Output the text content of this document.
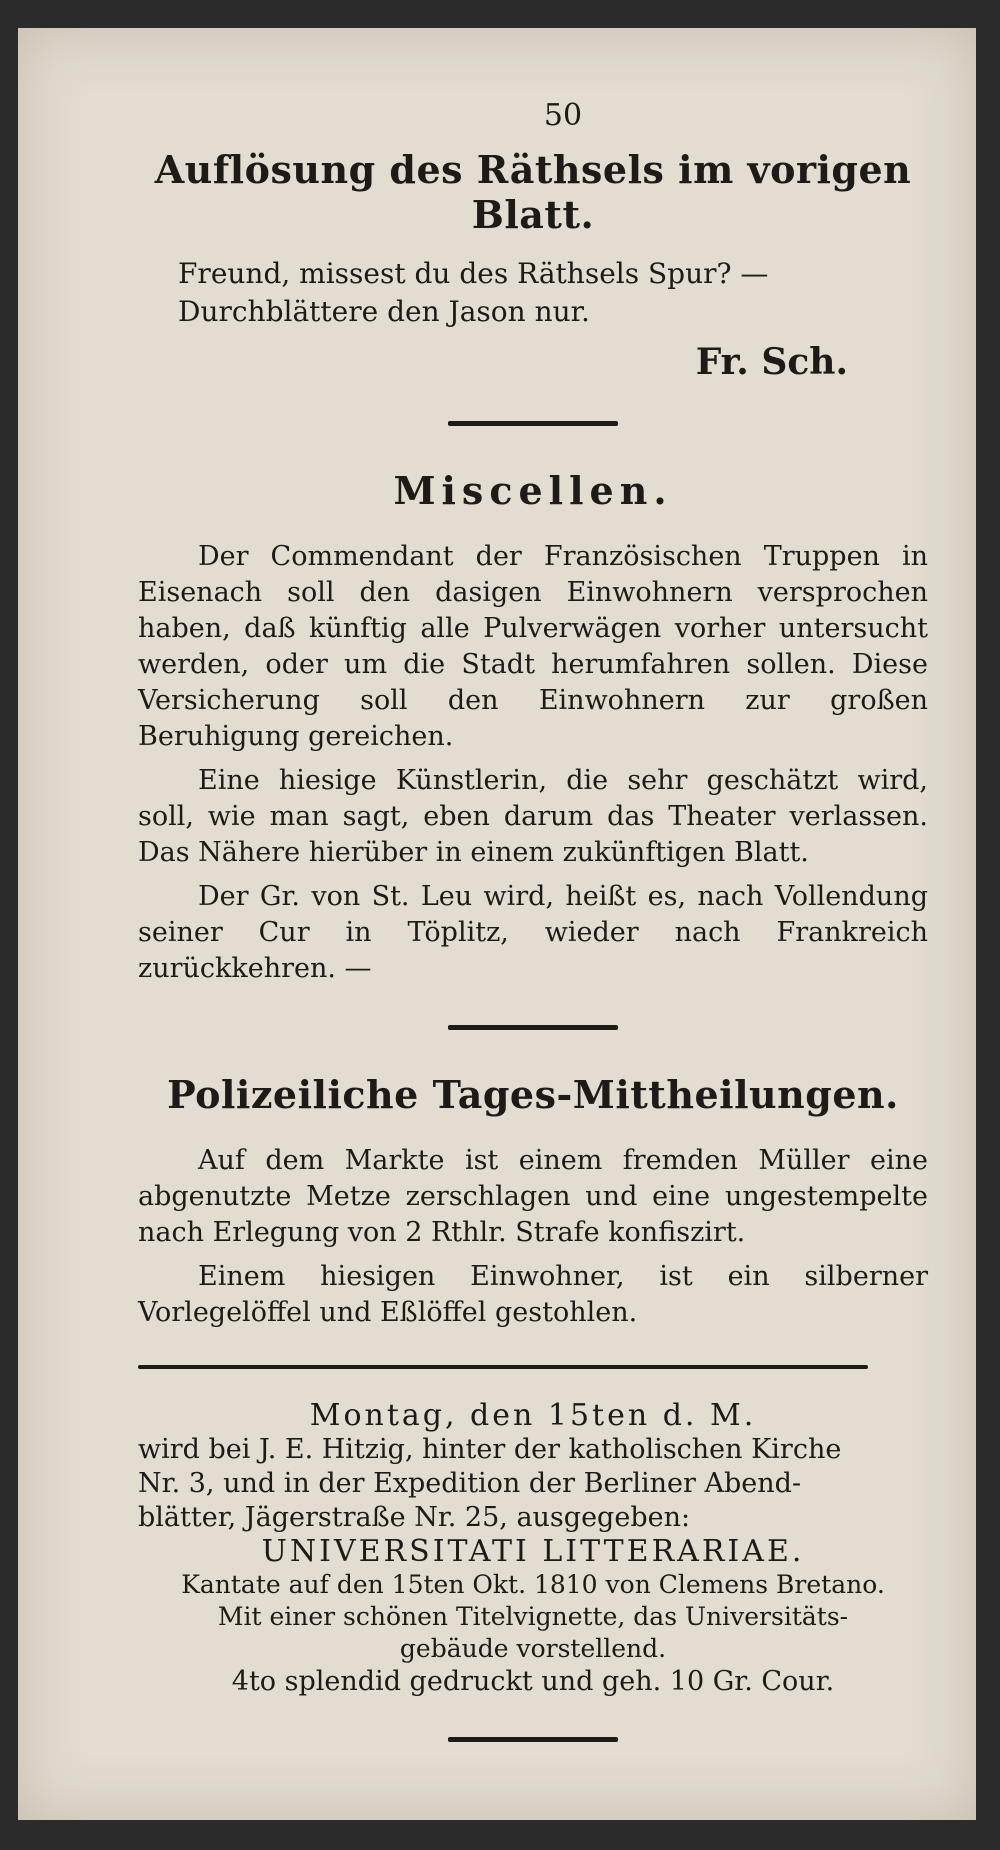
50
Auflösung des Räthsels im vorigen Blatt.
Freund, missest du des Räthsels Spur? —
Durchblättere den Jason nur.
Fr. Sch.
Miscellen.

Der Commendant der Französischen Truppen in Eisenach soll den dasigen Einwohnern versprochen haben, daß künftig alle Pulverwägen vorher untersucht werden, oder um die Stadt herumfahren sollen. Diese Versicherung soll den Einwohnern zur großen Beruhigung gereichen.

Eine hiesige Künstlerin, die sehr geschätzt wird, soll, wie man sagt, eben darum das Theater verlassen. Das Nähere hierüber in einem zukünftigen Blatt.

Der Gr. von St. Leu wird, heißt es, nach Vollendung seiner Cur in Töplitz, wieder nach Frankreich zurückkehren. —

Polizeiliche Tages-Mittheilungen.

Auf dem Markte ist einem fremden Müller eine abgenutzte Metze zerschlagen und eine ungestempelte nach Erlegung von 2 Rthlr. Strafe konfiszirt.

Einem hiesigen Einwohner, ist ein silberner Vorlegelöffel und Eßlöffel gestohlen.

Montag, den 15ten d. M.
wird bei J. E. Hitzig, hinter der katholischen Kirche
Nr. 3, und in der Expedition der Berliner Abend-
blätter, Jägerstraße Nr. 25, ausgegeben:
UNIVERSITATI LITTERARIAE.
Kantate auf den 15ten Okt. 1810 von Clemens Bretano.
Mit einer schönen Titelvignette, das Universitäts-
gebäude vorstellend.
4to splendid gedruckt und geh. 10 Gr. Cour.
